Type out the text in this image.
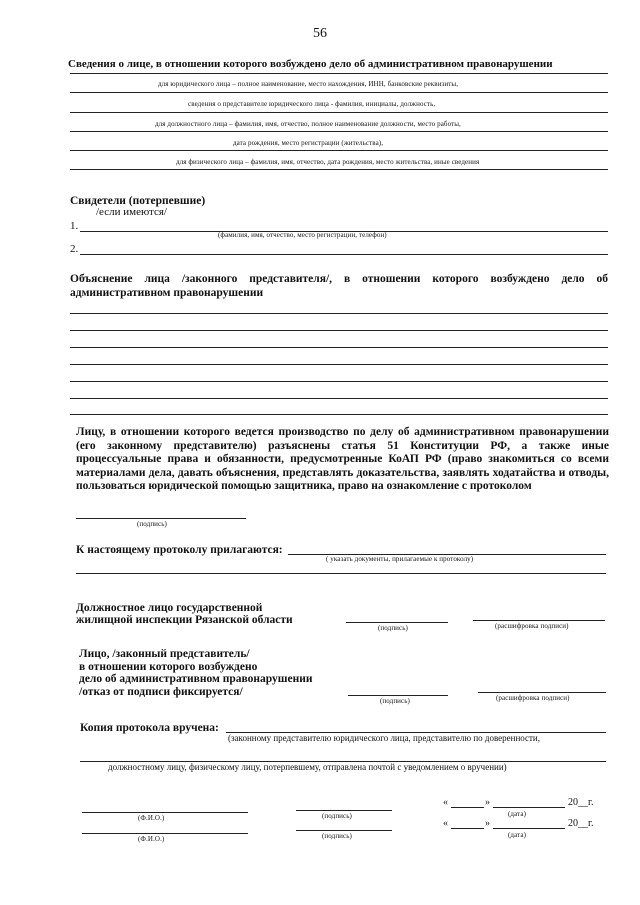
56
Сведения о лице, в отношении которого возбуждено дело об административном правонарушении
для юридического лица – полное наименование, место нахождения, ИНН, банковские реквизиты,
сведения о представителе юридического лица - фамилия, инициалы, должность,
для должностного лица – фамилия, имя, отчество, полное наименование должности, место работы,
дата рождения, место регистрации (жительства),
для физического лица – фамилия, имя, отчество, дата рождения, место жительства, иные сведения
Свидетели (потерпевшие)
/если имеются/
1.
(фамилия, имя, отчество, место регистрации, телефон)
2.
Объяснение лица /законного представителя/, в отношении которого возбуждено дело об административном правонарушении
Лицу, в отношении которого ведется производство по делу об административном правонарушении (его законному представителю) разъяснены статья 51 Конституции РФ, а также иные процессуальные права и обязанности, предусмотренные КоАП РФ (право знакомиться со всеми материалами дела, давать объяснения, представлять доказательства, заявлять ходатайства и отводы, пользоваться юридической помощью защитника, право на ознакомление с протоколом
(подпись)
К настоящему протоколу прилагаются:
( указать документы, прилагаемые к протоколу)
Должностное лицо государственной
жилищной инспекции Рязанской области
(подпись)	(расшифровка подписи)
Лицо, /законный представитель/
в отношении которого возбуждено
дело об административном правонарушении
/отказ от подписи фиксируется/
(подпись)	(расшифровка подписи)
Копия протокола вручена:
(законному представителю юридического лица, представителю по доверенности,
должностному лицу, физическому лицу, потерпевшему, отправлена почтой с уведомлением о вручении)
(Ф.И.О.)	(подпись)
«	»	20__г.
(дата)
(Ф.И.О.)	(подпись)
«	»	20__г.
(дата)
